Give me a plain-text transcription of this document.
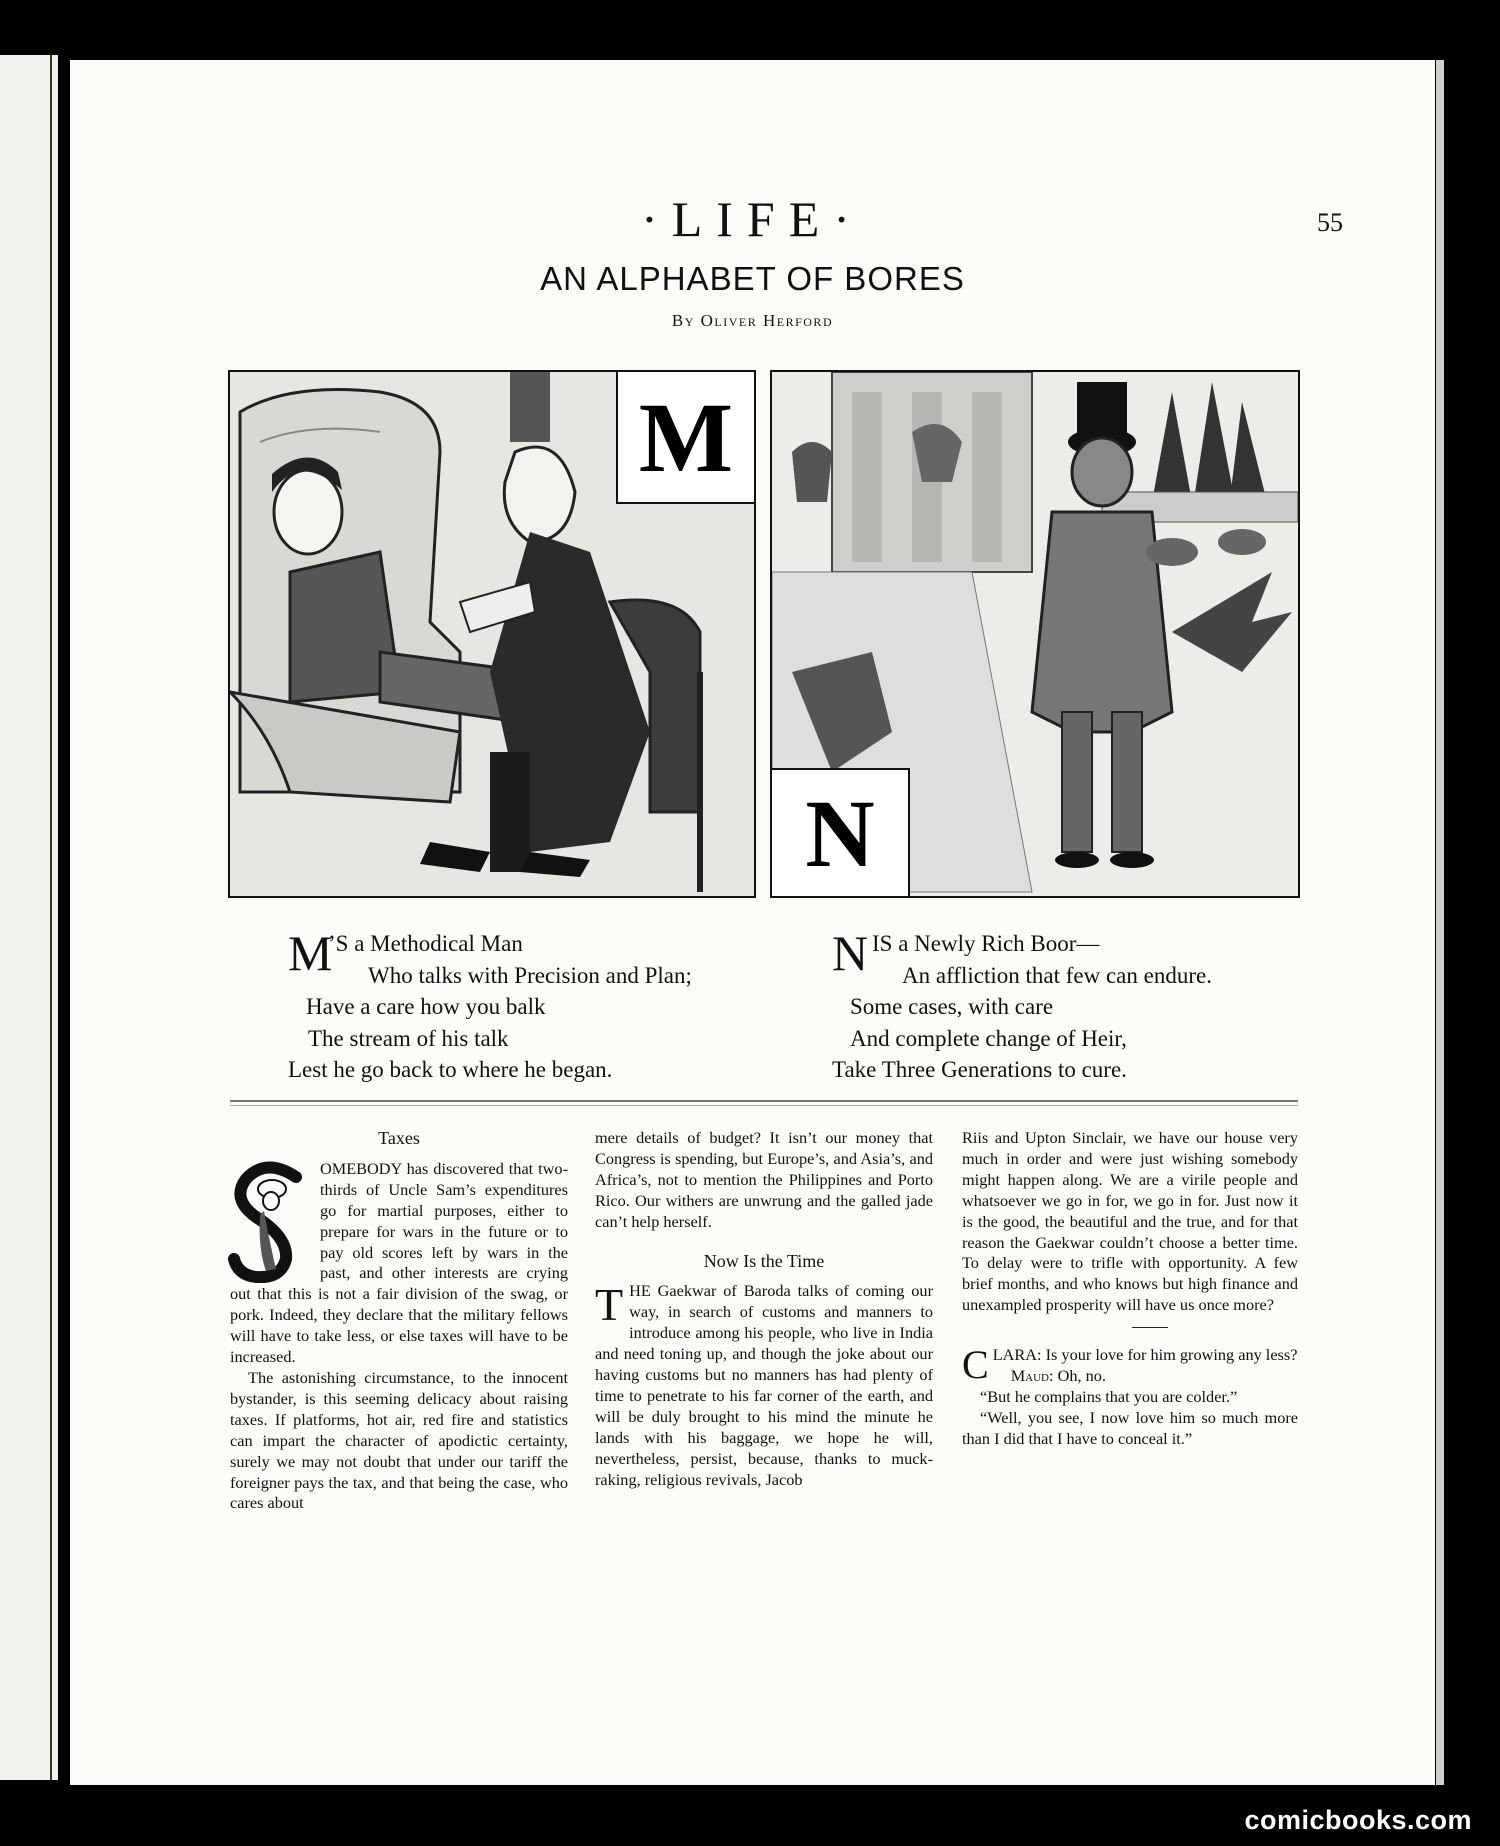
·LIFE·	55
AN ALPHABET OF BORES
By Oliver Herford
M
N
M
’S a Methodical Man
Who talks with Precision and Plan;
Have a care how you balk
The stream of his talk
Lest he go back to where he began.
N IS a Newly Rich Boor—
An affliction that few can endure.
Some cases, with care
And complete change of Heir,
Take Three Generations to cure.
Taxes

OMEBODY has discovered that two-thirds of Uncle Sam’s expenditures go for martial purposes, either to prepare for wars in the future or to pay old scores left by wars in the past, and other interests are crying out that this is not a fair division of the swag, or pork. Indeed, they declare that the military fellows will have to take less, or else taxes will have to be increased.

The astonishing circumstance, to the innocent bystander, is this seeming delicacy about raising taxes. If platforms, hot air, red fire and statistics can impart the character of apodictic certainty, surely we may not doubt that under our tariff the foreigner pays the tax, and that being the case, who cares about

mere details of budget? It isn’t our money that Congress is spending, but Europe’s, and Asia’s, and Africa’s, not to mention the Philippines and Porto Rico. Our withers are unwrung and the galled jade can’t help herself.

Now Is the Time
T HE Gaekwar of Baroda talks of coming our way, in search of customs and manners to introduce among his people, who live in India and need toning up, and though the joke about our having customs but no manners has had plenty of time to penetrate to his far corner of the earth, and will be duly brought to his mind the minute he lands with his baggage, we hope he will, nevertheless, persist, because, thanks to muck-raking, religious revivals, Jacob

Riis and Upton Sinclair, we have our house very much in order and were just wishing somebody might happen along. We are a virile people and whatsoever we go in for, we go in for. Just now it is the good, the beautiful and the true, and for that reason the Gaekwar couldn’t choose a better time. To delay were to trifle with opportunity. A few brief months, and who knows but high finance and unexampled prosperity will have us once more?

C LARA: Is your love for him growing any less?

Maud: Oh, no.

“But he complains that you are colder.”

“Well, you see, I now love him so much more than I did that I have to conceal it.”

comicbooks.com
